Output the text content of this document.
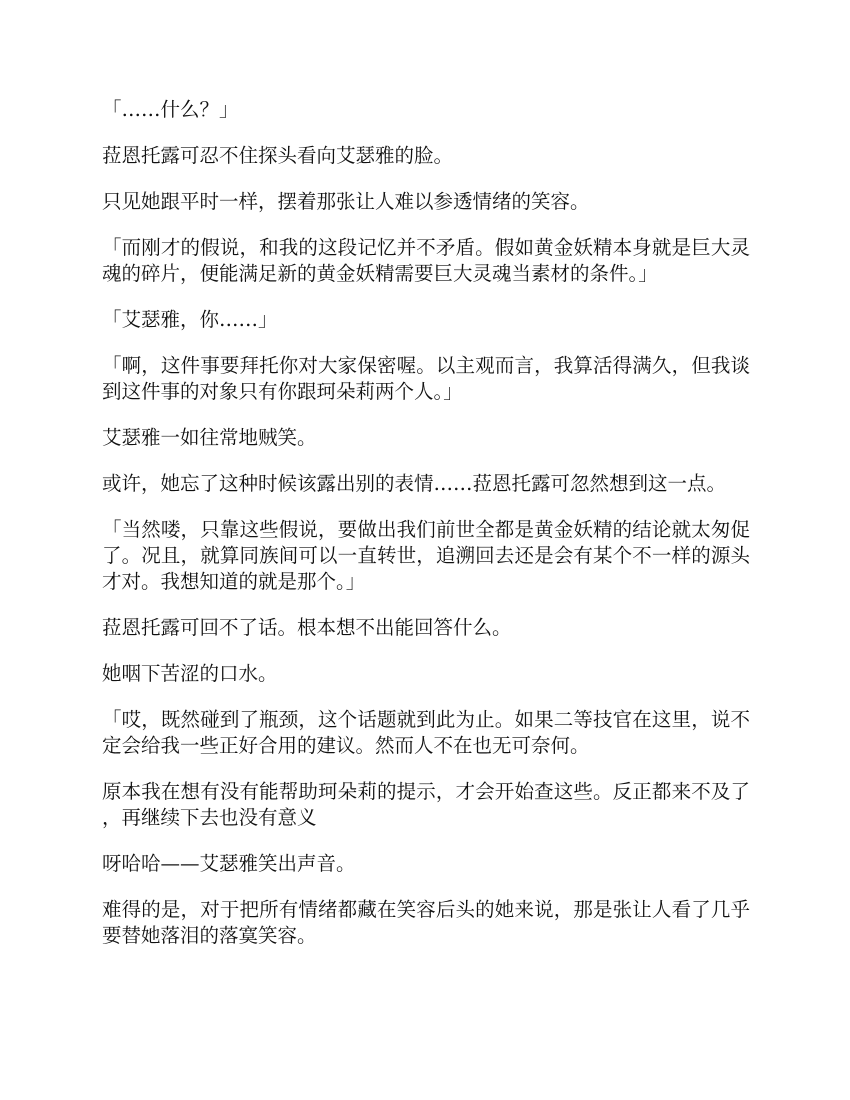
「……什么？」

菈恩托露可忍不住探头看向艾瑟雅的脸。

只见她跟平时一样，摆着那张让人难以参透情绪的笑容。

「而刚才的假说，和我的这段记忆并不矛盾。假如黄金妖精本身就是巨大灵魂的碎片，便能满足新的黄金妖精需要巨大灵魂当素材的条件。」

「艾瑟雅，你……」

「啊，这件事要拜托你对大家保密喔。以主观而言，我算活得满久，但我谈到这件事的对象只有你跟珂朵莉两个人。」

艾瑟雅一如往常地贼笑。

或许，她忘了这种时候该露出别的表情……菈恩托露可忽然想到这一点。

「当然喽，只靠这些假说，要做出我们前世全都是黄金妖精的结论就太匆促了。况且，就算同族间可以一直转世，追溯回去还是会有某个不一样的源头才对。我想知道的就是那个。」

菈恩托露可回不了话。根本想不出能回答什么。

她咽下苦涩的口水。

「哎，既然碰到了瓶颈，这个话题就到此为止。如果二等技官在这里，说不定会给我一些正好合用的建议。然而人不在也无可奈何。

原本我在想有没有能帮助珂朵莉的提示，才会开始查这些。反正都来不及了，再继续下去也没有意义

呀哈哈——艾瑟雅笑出声音。

难得的是，对于把所有情绪都藏在笑容后头的她来说，那是张让人看了几乎要替她落泪的落寞笑容。
